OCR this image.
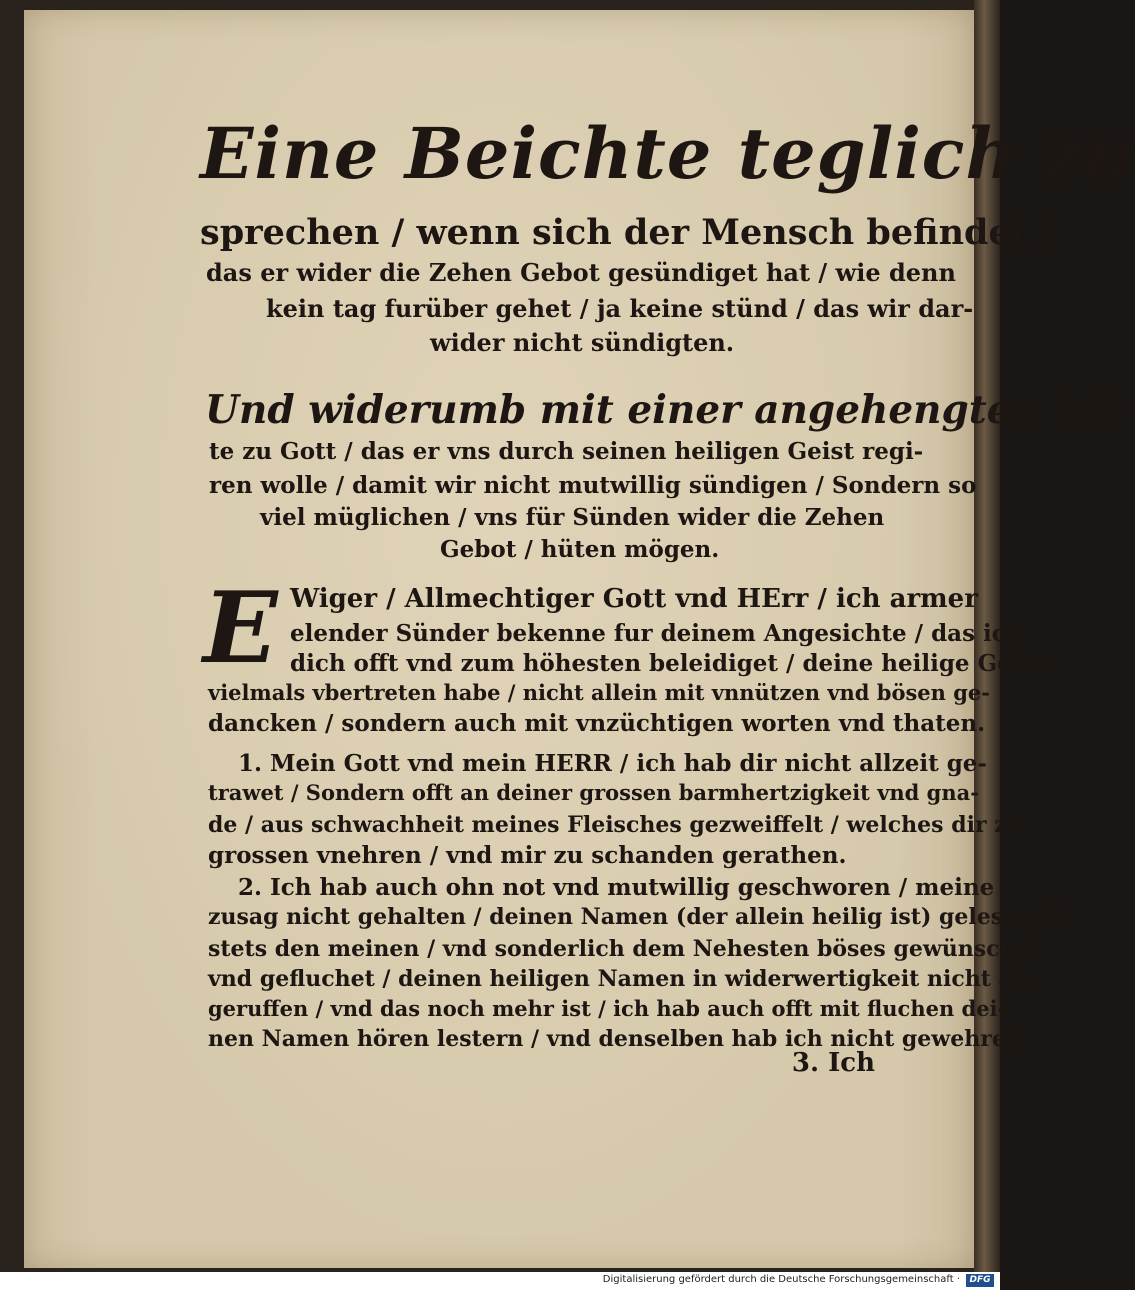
Eine Beichte teglich zu
sprechen / wenn sich der Mensch befindet /
das er wider die Zehen Gebot gesündiget hat / wie denn
kein tag furüber gehet / ja keine stünd / das wir dar-
wider nicht sündigten.
Und widerumb mit einer angehengten bit-
te zu Gott / das er vns durch seinen heiligen Geist regi-
ren wolle / damit wir nicht mutwillig sündigen / Sondern so
viel müglichen / vns für Sünden wider die Zehen
Gebot / hüten mögen.
E Wiger / Allmechtiger Gott vnd HErr / ich armer
elender Sünder bekenne fur deinem Angesichte / das ich
dich offt vnd zum höhesten beleidiget / deine heilige Gebot
vielmals vbertreten habe / nicht allein mit vnnützen vnd bösen ge-
dancken / sondern auch mit vnzüchtigen worten vnd thaten.
1. Mein Gott vnd mein HERR / ich hab dir nicht allzeit ge-
trawet / Sondern offt an deiner grossen barmhertzigkeit vnd gna-
de / aus schwachheit meines Fleisches gezweiffelt / welches dir zu
grossen vnehren / vnd mir zu schanden gerathen.
2. Ich hab auch ohn not vnd mutwillig geschworen / meine
zusag nicht gehalten / deinen Namen (der allein heilig ist) gelestert /
stets den meinen / vnd sonderlich dem Nehesten böses gewünschet
vnd gefluchet / deinen heiligen Namen in widerwertigkeit nicht an-
geruffen / vnd das noch mehr ist / ich hab auch offt mit fluchen dei-
nen Namen hören lestern / vnd denselben hab ich nicht gewehret.
3. Ich
Digitalisierung gefördert durch die Deutsche Forschungsgemeinschaft ·	DFG
